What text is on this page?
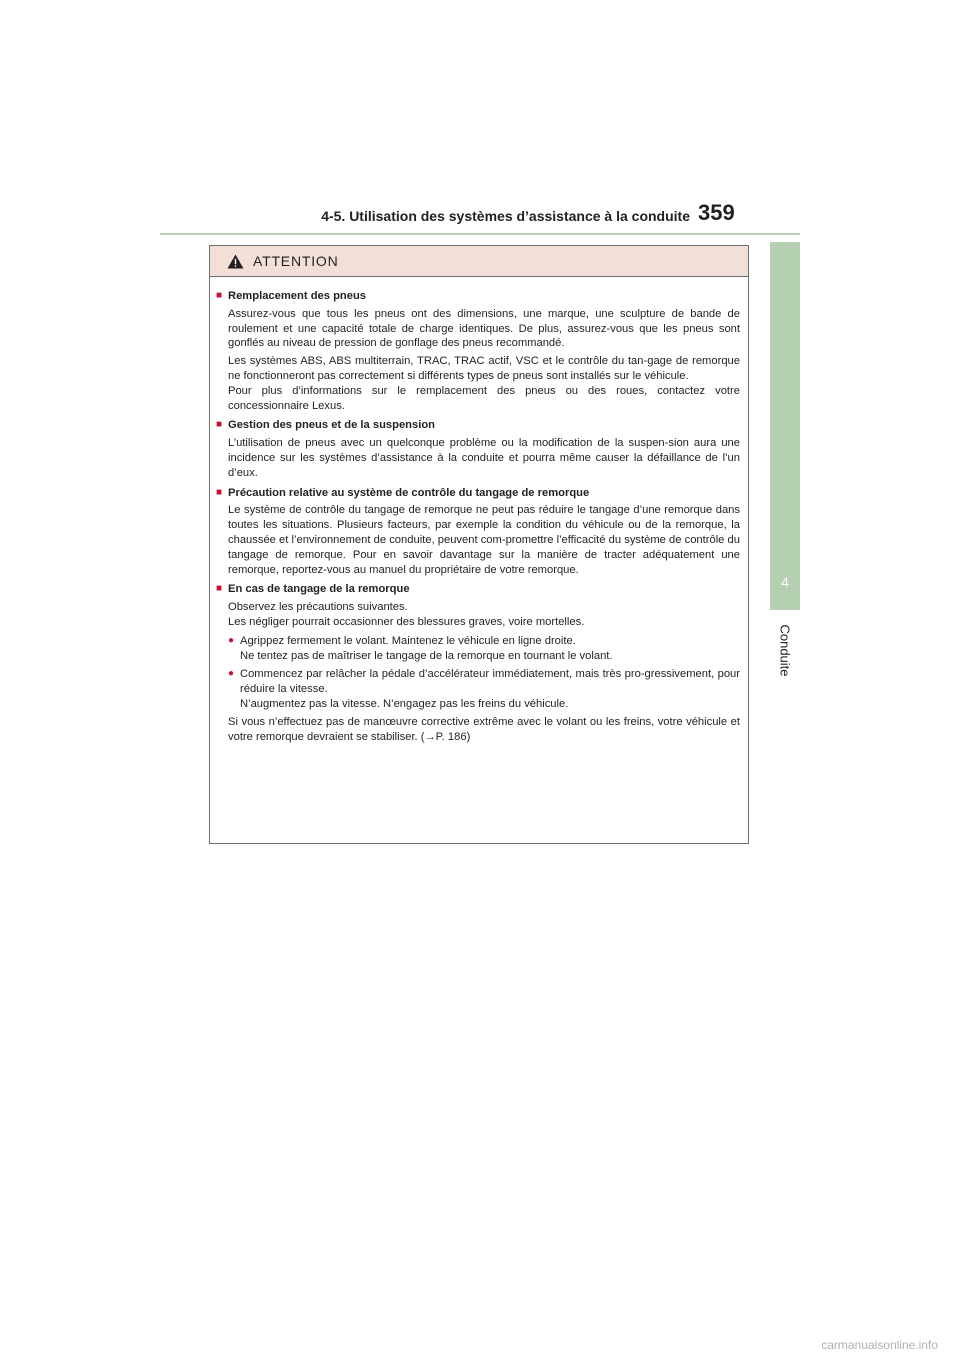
4-5. Utilisation des systèmes d’assistance à la conduite 359
4
Conduite
ATTENTION
■ Remplacement des pneus

Assurez-vous que tous les pneus ont des dimensions, une marque, une sculpture de bande de roulement et une capacité totale de charge identiques. De plus, assurez-vous que les pneus sont gonflés au niveau de pression de gonflage des pneus recommandé.

Les systèmes ABS, ABS multiterrain, TRAC, TRAC actif, VSC et le contrôle du tan-gage de remorque ne fonctionneront pas correctement si différents types de pneus sont installés sur le véhicule.
Pour plus d’informations sur le remplacement des pneus ou des roues, contactez votre concessionnaire Lexus.

■ Gestion des pneus et de la suspension

L’utilisation de pneus avec un quelconque problème ou la modification de la suspen-sion aura une incidence sur les systèmes d’assistance à la conduite et pourra même causer la défaillance de l’un d’eux.

■ Précaution relative au système de contrôle du tangage de remorque

Le système de contrôle du tangage de remorque ne peut pas réduire le tangage d’une remorque dans toutes les situations. Plusieurs facteurs, par exemple la condition du véhicule ou de la remorque, la chaussée et l’environnement de conduite, peuvent com-promettre l’efficacité du système de contrôle du tangage de remorque. Pour en savoir davantage sur la manière de tracter adéquatement une remorque, reportez-vous au manuel du propriétaire de votre remorque.

■ En cas de tangage de la remorque

Observez les précautions suivantes.
Les négliger pourrait occasionner des blessures graves, voire mortelles.

● Agrippez fermement le volant. Maintenez le véhicule en ligne droite.
Ne tentez pas de maîtriser le tangage de la remorque en tournant le volant.
● Commencez par relâcher la pédale d’accélérateur immédiatement, mais très pro-gressivement, pour réduire la vitesse.
N’augmentez pas la vitesse. N’engagez pas les freins du véhicule.

Si vous n’effectuez pas de manœuvre corrective extrême avec le volant ou les freins, votre véhicule et votre remorque devraient se stabiliser. (→P. 186)

carmanualsonline.info
